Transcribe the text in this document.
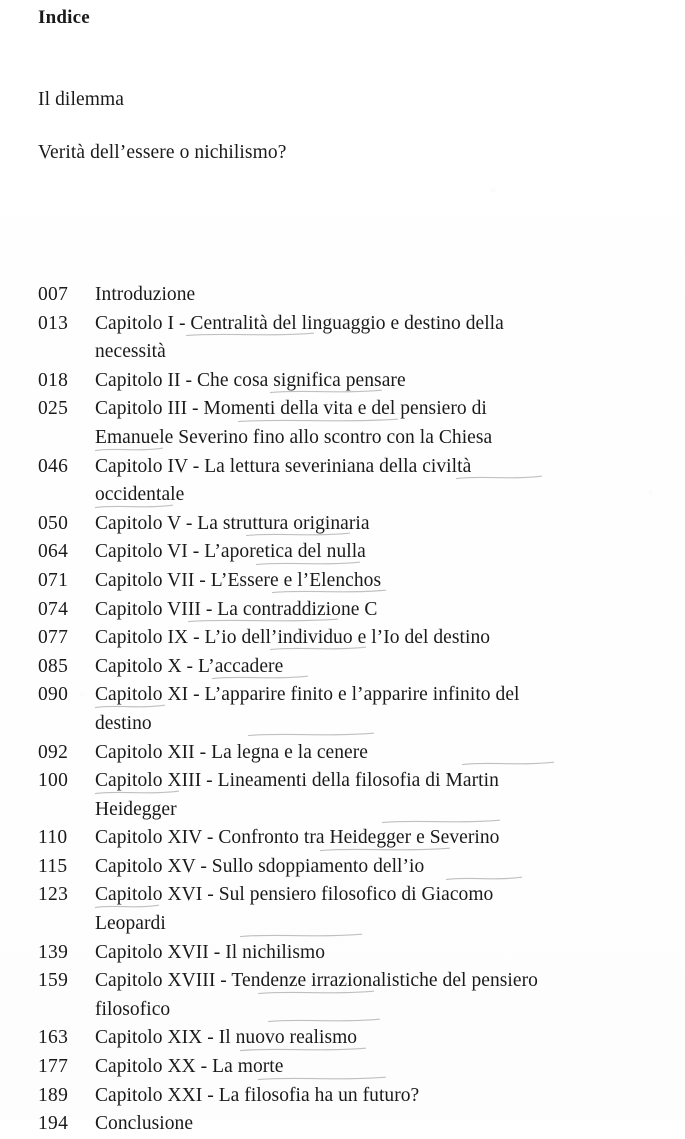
Indice
Il dilemma
Verità dell’essere o nichilismo?
007	Introduzione
013	Capitolo I - Centralità del linguaggio e destino della
necessità
018	Capitolo II - Che cosa significa pensare
025	Capitolo III - Momenti della vita e del pensiero di
Emanuele Severino fino allo scontro con la Chiesa
046	Capitolo IV - La lettura severiniana della civiltà
occidentale
050	Capitolo V - La struttura originaria
064	Capitolo VI - L’aporetica del nulla
071	Capitolo VII - L’Essere e l’Elenchos
074	Capitolo VIII - La contraddizione C
077	Capitolo IX - L’io dell’individuo e l’Io del destino
085	Capitolo X - L’accadere
090	Capitolo XI - L’apparire finito e l’apparire infinito del
destino
092	Capitolo XII - La legna e la cenere
100	Capitolo XIII - Lineamenti della filosofia di Martin
Heidegger
110	Capitolo XIV - Confronto tra Heidegger e Severino
115	Capitolo XV - Sullo sdoppiamento dell’io
123	Capitolo XVI - Sul pensiero filosofico di Giacomo
Leopardi
139	Capitolo XVII - Il nichilismo
159	Capitolo XVIII - Tendenze irrazionalistiche del pensiero
filosofico
163	Capitolo XIX - Il nuovo realismo
177	Capitolo XX - La morte
189	Capitolo XXI - La filosofia ha un futuro?
194	Conclusione
